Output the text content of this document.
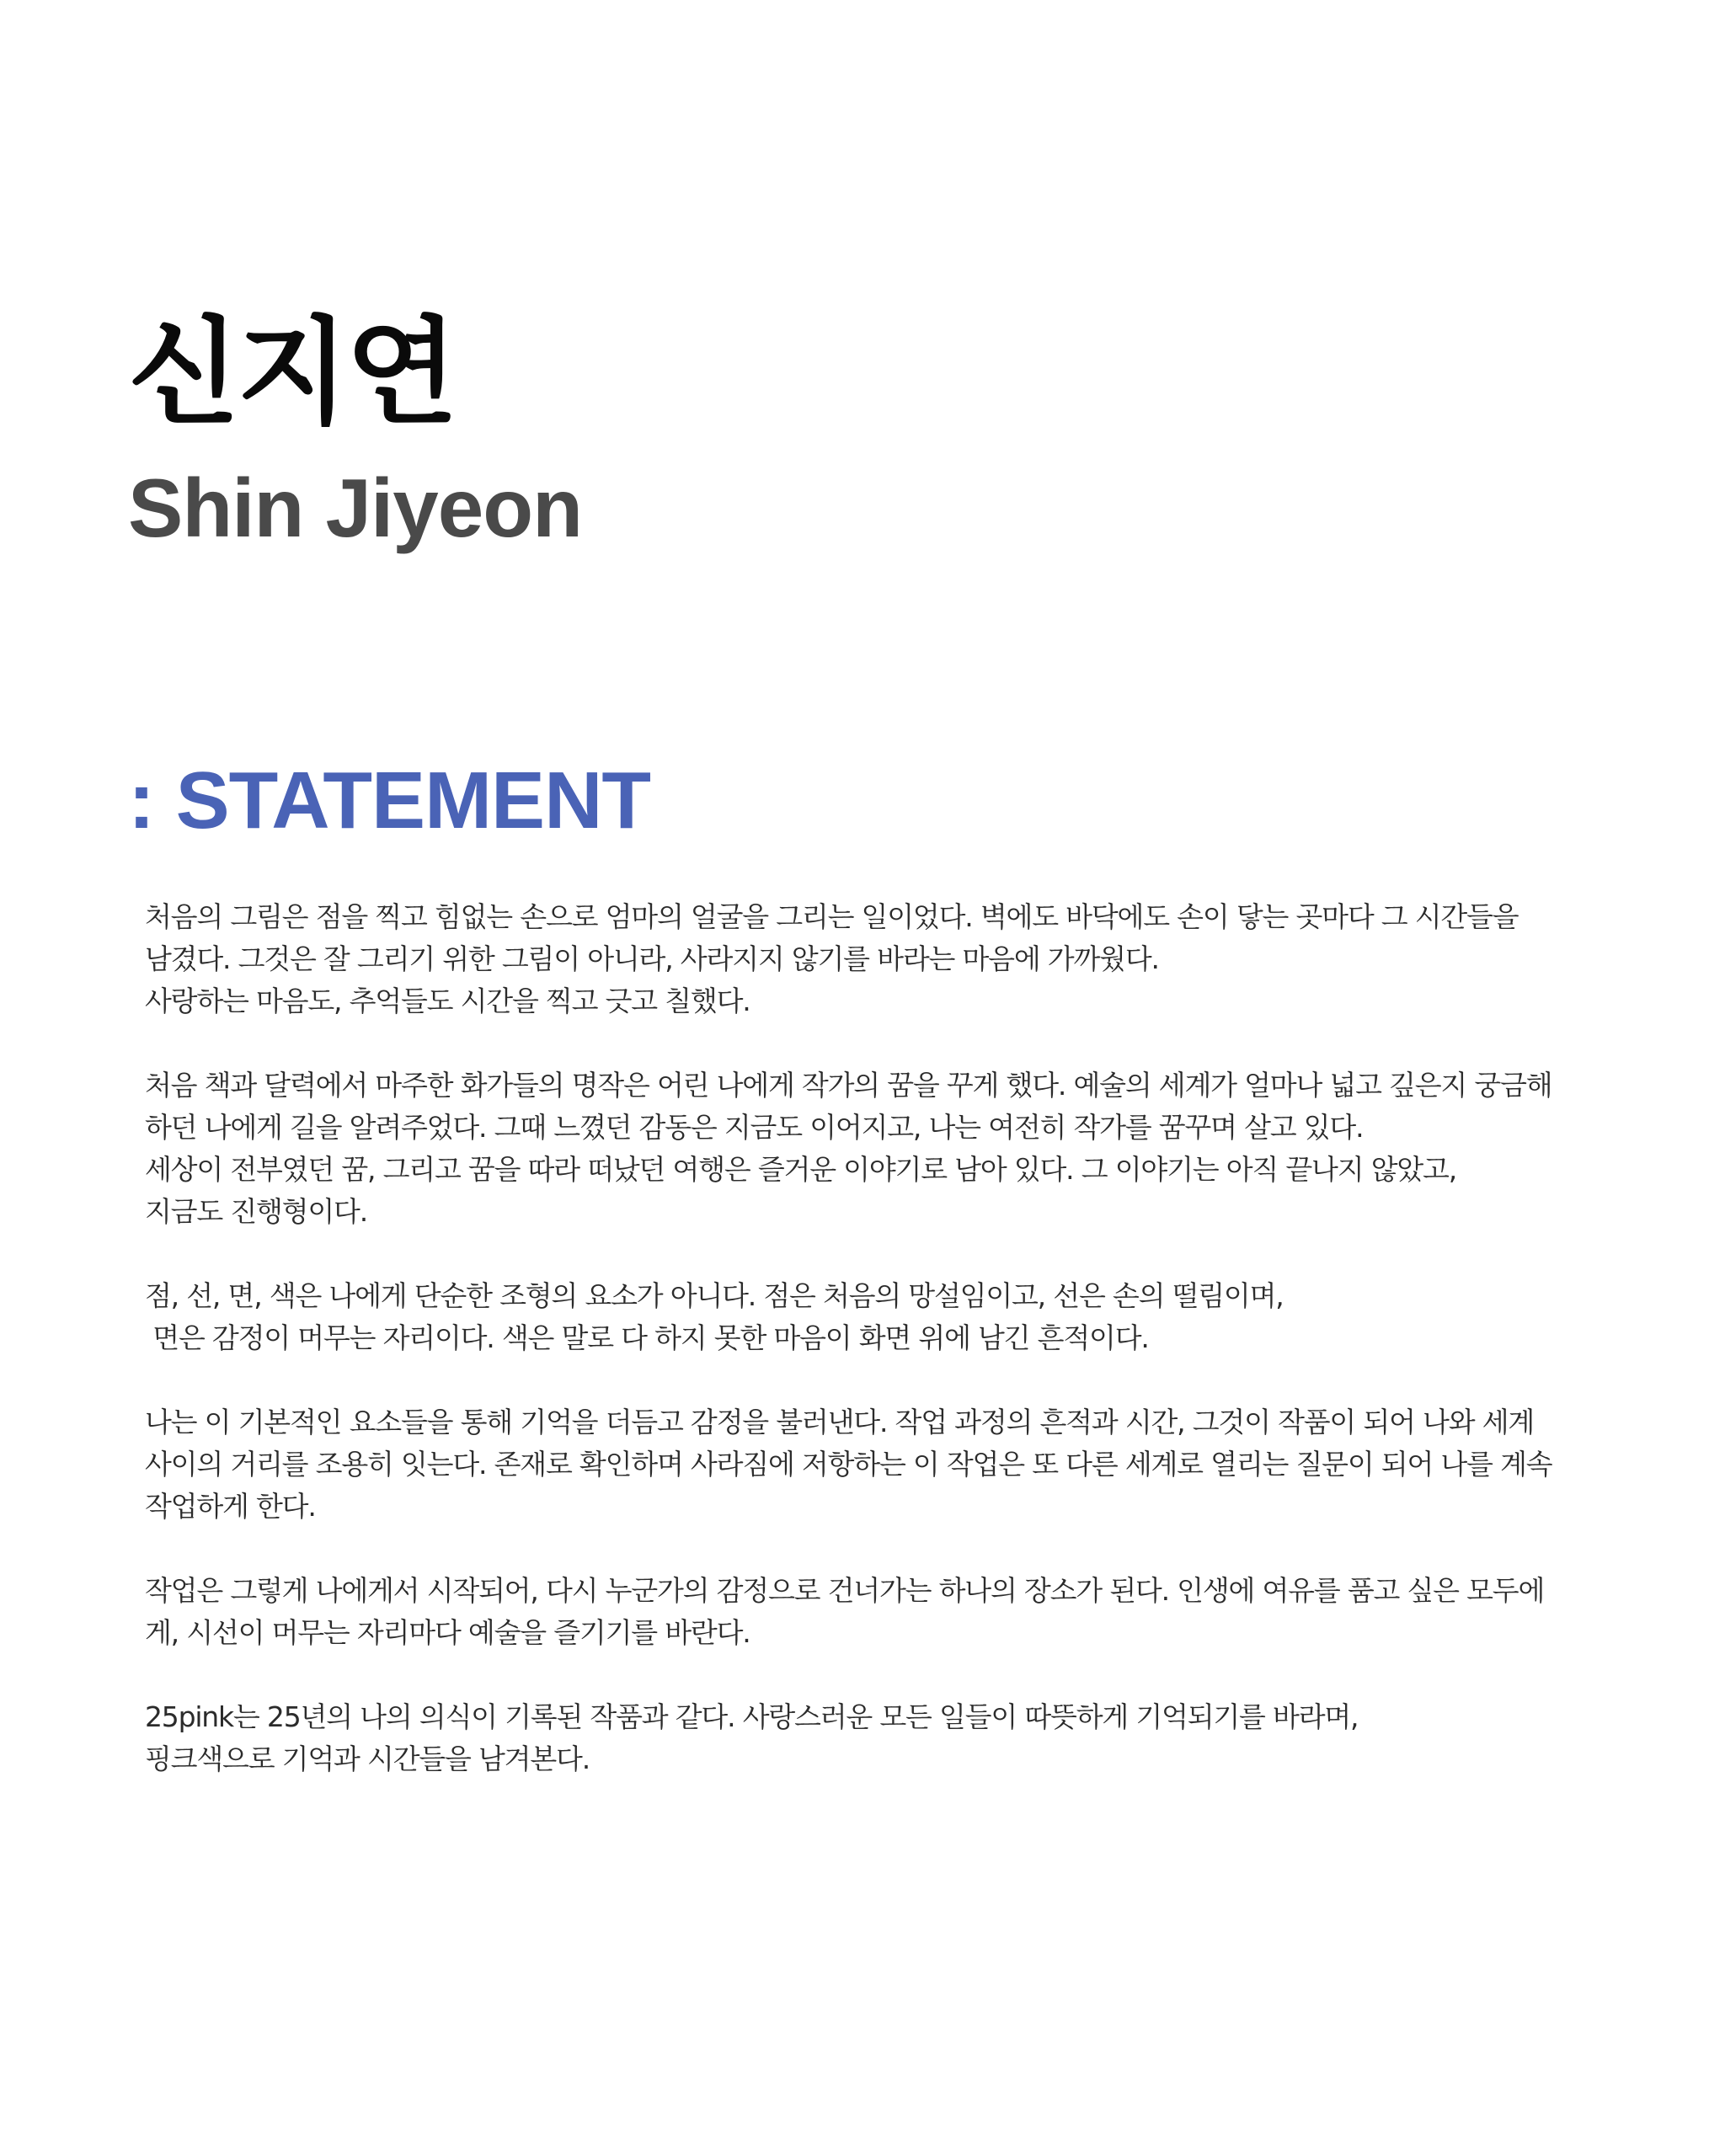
신지연
Shin Jiyeon
: STATEMENT

처음의 그림은 점을 찍고 힘없는 손으로 엄마의 얼굴을 그리는 일이었다. 벽에도 바닥에도 손이 닿는 곳마다 그 시간들을
남겼다. 그것은 잘 그리기 위한 그림이 아니라, 사라지지 않기를 바라는 마음에 가까웠다.
사랑하는 마음도, 추억들도 시간을 찍고 긋고 칠했다.

처음 책과 달력에서 마주한 화가들의 명작은 어린 나에게 작가의 꿈을 꾸게 했다. 예술의 세계가 얼마나 넓고 깊은지 궁금해
하던 나에게 길을 알려주었다. 그때 느꼈던 감동은 지금도 이어지고, 나는 여전히 작가를 꿈꾸며 살고 있다.
세상이 전부였던 꿈, 그리고 꿈을 따라 떠났던 여행은 즐거운 이야기로 남아 있다. 그 이야기는 아직 끝나지 않았고,
지금도 진행형이다.

점, 선, 면, 색은 나에게 단순한 조형의 요소가 아니다. 점은 처음의 망설임이고, 선은 손의 떨림이며,
면은 감정이 머무는 자리이다. 색은 말로 다 하지 못한 마음이 화면 위에 남긴 흔적이다.

나는 이 기본적인 요소들을 통해 기억을 더듬고 감정을 불러낸다. 작업 과정의 흔적과 시간, 그것이 작품이 되어 나와 세계
사이의 거리를 조용히 잇는다. 존재로 확인하며 사라짐에 저항하는 이 작업은 또 다른 세계로 열리는 질문이 되어 나를 계속
작업하게 한다.

작업은 그렇게 나에게서 시작되어, 다시 누군가의 감정으로 건너가는 하나의 장소가 된다. 인생에 여유를 품고 싶은 모두에
게, 시선이 머무는 자리마다 예술을 즐기기를 바란다.

25pink는 25년의 나의 의식이 기록된 작품과 같다. 사랑스러운 모든 일들이 따뜻하게 기억되기를 바라며,
핑크색으로 기억과 시간들을 남겨본다.
